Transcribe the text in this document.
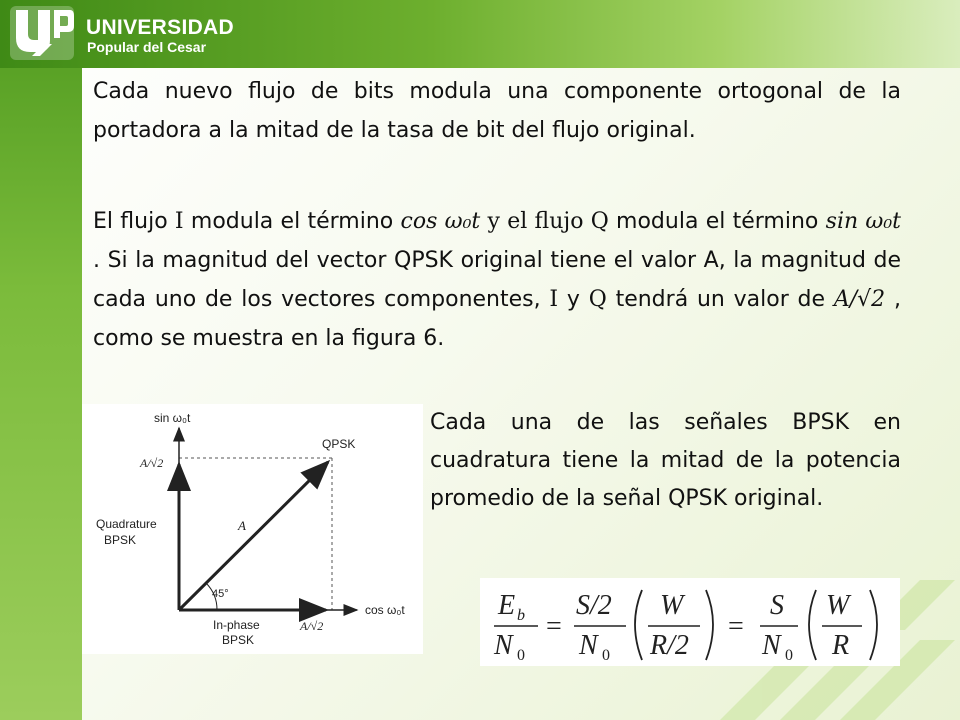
UNIVERSIDAD
Popular del Cesar
Cada nuevo flujo de bits modula una componente ortogonal de la portadora a la mitad de la tasa de bit del flujo original.
El flujo I modula el término cos ω₀t y el flujo Q modula el término sin ω₀t . Si la magnitud del vector QPSK original tiene el valor A, la magnitud de cada uno de los vectores componentes, I y Q tendrá un valor de A/√2 , como se muestra en la figura 6.
sin ω₀t
cos ω₀t
QPSK
A/√2
A/√2
A
45°
Quadrature
BPSK
In-phase
BPSK
Cada una de las señales BPSK en cuadratura tiene la mitad de la potencia promedio de la señal QPSK original.
E b
N 0
=
S/2
N 0
W
R/2
=
S
N 0
W
R
